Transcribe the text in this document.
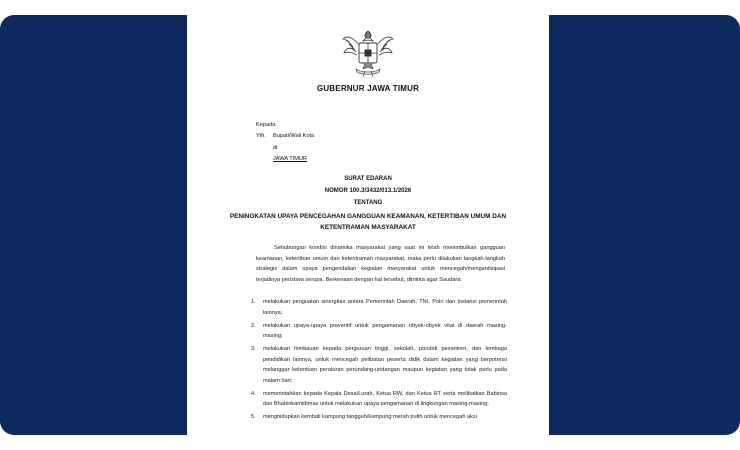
GUBERNUR JAWA TIMUR
Kepada
Yth. Bupati/Wali Kota
di
JAWA TIMUR
SURAT EDARAN
NOMOR 100.3/3432/013.1/2026
TENTANG
PENINGKATAN UPAYA PENCEGAHAN GANGGUAN KEAMANAN, KETERTIBAN UMUM DAN KETENTRAMAN MASYARAKAT
.
Sehubungan kondisi dinamika masyarakat yang saat ini telah menimbulkan gangguan keamanan, ketertiban umum dan ketentraman masyarakat, maka perlu dilakukan langkah-langkah strategis dalam upaya pengendalian kegiatan masyarakat untuk mencegah/mengantisipasi terjadinya peristiwa serupa. Berkenaan dengan hal tersebut, diminta agar Saudara:
1. melakukan penguatan sinergitas antara Pemerintah Daerah, TNI, Polri dan instansi pemerintah lainnya;
2. melakukan upaya-upaya preventif untuk pengamanan obyek-obyek vital di daerah masing-masing;
3. melakukan himbauan kepada perguruan tinggi, sekolah, pondok pesantren, dan lembaga pendidikan lainnya, untuk mencegah pelibatan peserta didik dalam kegiatan yang berpotensi melanggar ketentuan peraturan perundang-undangan maupun kegiatan yang tidak perlu pada malam hari;
4. memerintahkan kepada Kepala Desa/Lurah, Ketua RW, dan Ketua RT serta melibatkan Babinsa dan Bhabinkamtibmas untuk melakukan upaya pengamanan di lingkungan masing-masing;
5. menghidupkan kembali kampung tangguh/kampung merah putih untuk mencegah aksi
